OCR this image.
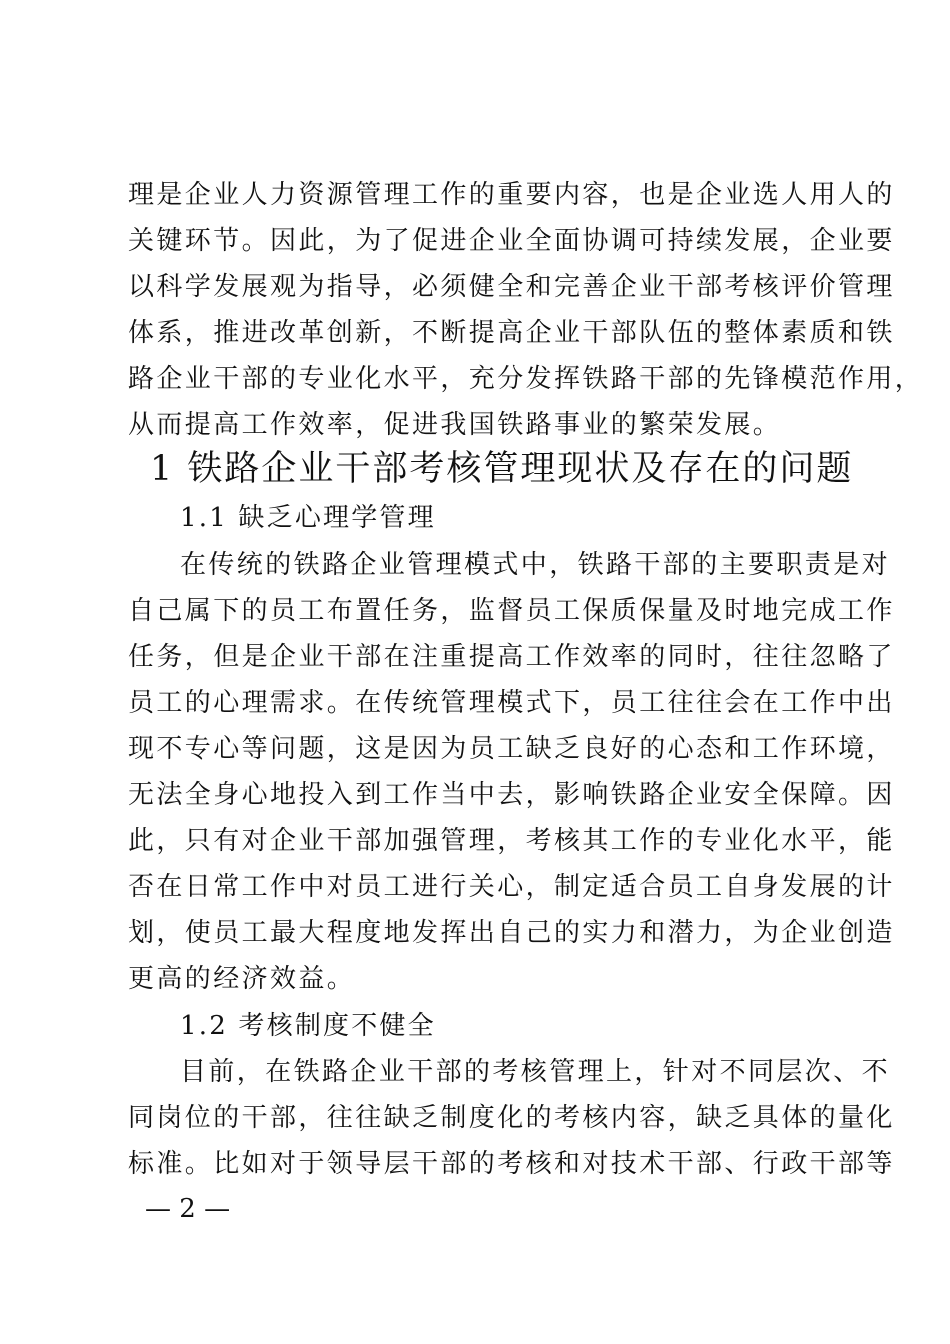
理是企业人力资源管理工作的重要内容，也是企业选人用人的
关键环节。因此，为了促进企业全面协调可持续发展，企业要
以科学发展观为指导，必须健全和完善企业干部考核评价管理
体系，推进改革创新，不断提高企业干部队伍的整体素质和铁
路企业干部的专业化水平，充分发挥铁路干部的先锋模范作用，
从而提高工作效率，促进我国铁路事业的繁荣发展。
1 铁路企业干部考核管理现状及存在的问题
1.1 缺乏心理学管理
在传统的铁路企业管理模式中，铁路干部的主要职责是对
自己属下的员工布置任务，监督员工保质保量及时地完成工作
任务，但是企业干部在注重提高工作效率的同时，往往忽略了
员工的心理需求。在传统管理模式下，员工往往会在工作中出
现不专心等问题，这是因为员工缺乏良好的心态和工作环境，
无法全身心地投入到工作当中去，影响铁路企业安全保障。因
此，只有对企业干部加强管理，考核其工作的专业化水平，能
否在日常工作中对员工进行关心，制定适合员工自身发展的计
划，使员工最大程度地发挥出自己的实力和潜力，为企业创造
更高的经济效益。
1.2 考核制度不健全
目前，在铁路企业干部的考核管理上，针对不同层次、不
同岗位的干部，往往缺乏制度化的考核内容，缺乏具体的量化
标准。比如对于领导层干部的考核和对技术干部、行政干部等
— 2 —
